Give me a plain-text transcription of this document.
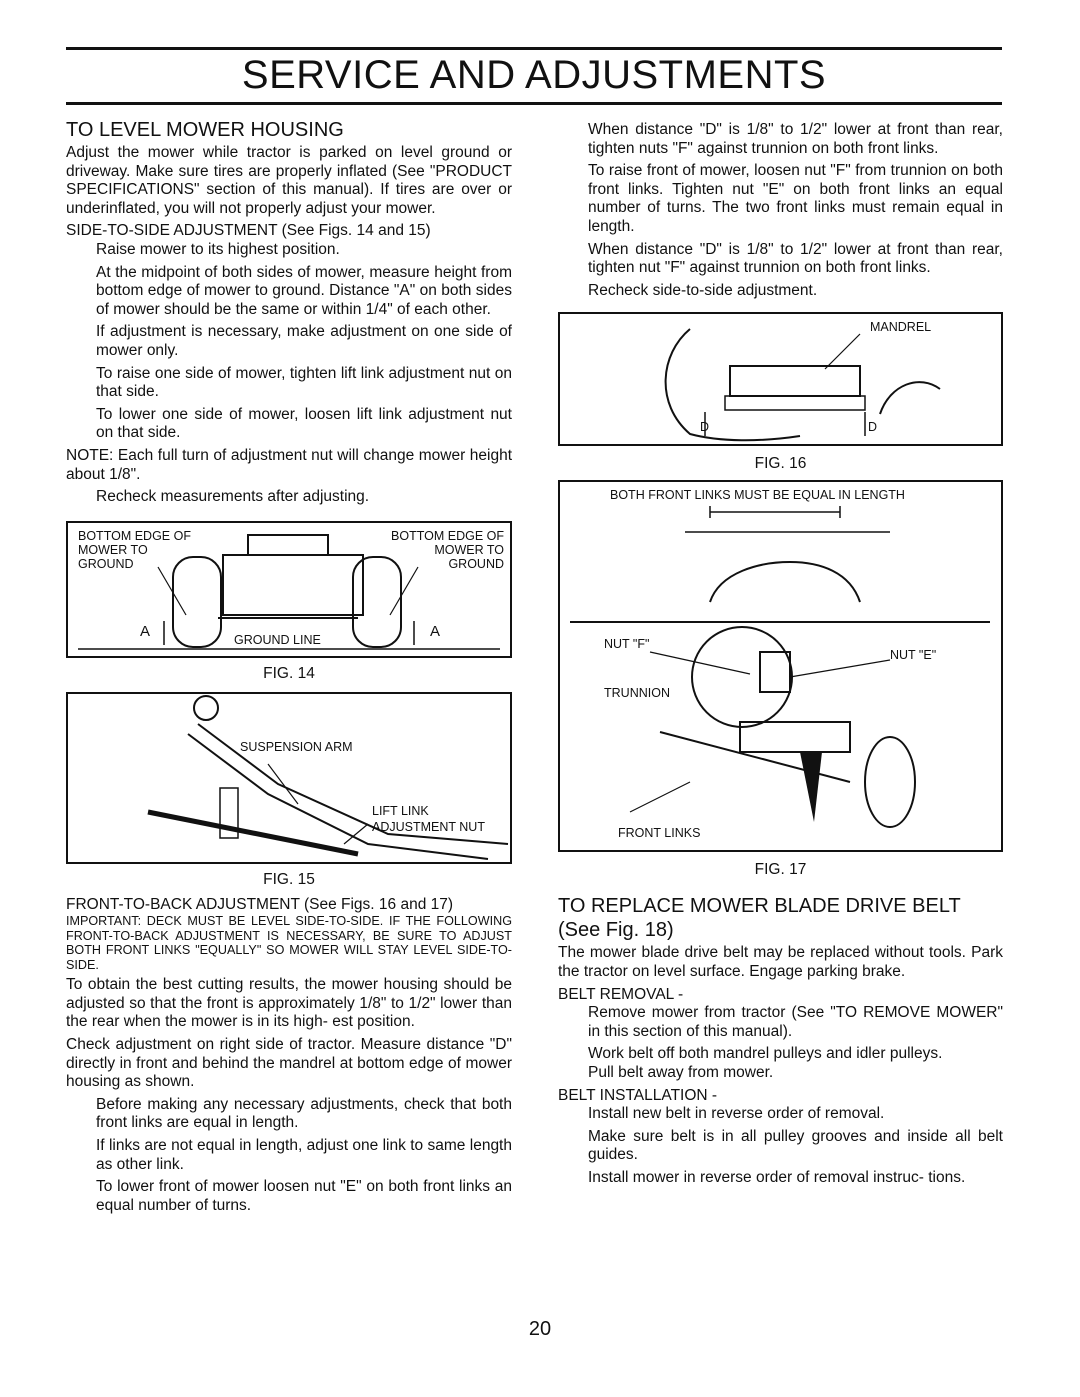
SERVICE AND ADJUSTMENTS
TO LEVEL MOWER HOUSING

Adjust the mower while tractor is parked on level ground or driveway. Make sure tires are properly inflated (See "PRODUCT SPECIFICATIONS" section of this manual). If tires are over or underinflated, you will not properly adjust your mower.

SIDE-TO-SIDE ADJUSTMENT (See Figs. 14 and 15)

Raise mower to its highest position.

At the midpoint of both sides of mower, measure height from bottom edge of mower to ground. Distance "A" on both sides of mower should be the same or within 1/4" of each other.

If adjustment is necessary, make adjustment on one side of mower only.

To raise one side of mower, tighten lift link adjustment nut on that side.

To lower one side of mower, loosen lift link adjustment nut on that side.

NOTE: Each full turn of adjustment nut will change mower height about 1/8".

Recheck measurements after adjusting.

BOTTOM EDGE OF MOWER TO GROUND
BOTTOM EDGE OF MOWER TO GROUND
A	GROUND LINE	A
FIG. 14
SUSPENSION ARM
LIFT LINK
ADJUSTMENT NUT
FIG. 15

FRONT-TO-BACK ADJUSTMENT (See Figs. 16 and 17)

IMPORTANT: DECK MUST BE LEVEL SIDE-TO-SIDE. IF THE FOLLOWING FRONT-TO-BACK ADJUSTMENT IS NECESSARY, BE SURE TO ADJUST BOTH FRONT LINKS "EQUALLY" SO MOWER WILL STAY LEVEL SIDE-TO-SIDE.

To obtain the best cutting results, the mower housing should be adjusted so that the front is approximately 1/8" to 1/2" lower than the rear when the mower is in its high- est position.

Check adjustment on right side of tractor. Measure distance "D" directly in front and behind the mandrel at bottom edge of mower housing as shown.

Before making any necessary adjustments, check that both front links are equal in length.

If links are not equal in length, adjust one link to same length as other link.

To lower front of mower loosen nut "E" on both front links an equal number of turns.

When distance "D" is 1/8" to 1/2" lower at front than rear, tighten nuts "F" against trunnion on both front links.

To raise front of mower, loosen nut "F" from trunnion on both front links. Tighten nut "E" on both front links an equal number of turns. The two front links must remain equal in length.

When distance "D" is 1/8" to 1/2" lower at front than rear, tighten nut "F" against trunnion on both front links.

Recheck side-to-side adjustment.

MANDREL
D	D
FIG. 16
BOTH FRONT LINKS MUST BE EQUAL IN LENGTH
NUT "F"
NUT "E"
TRUNNION
FRONT LINKS
FIG. 17
TO REPLACE MOWER BLADE DRIVE BELT
(See Fig. 18)

The mower blade drive belt may be replaced without tools. Park the tractor on level surface. Engage parking brake.

BELT REMOVAL -

Remove mower from tractor (See "TO REMOVE MOWER" in this section of this manual).

Work belt off both mandrel pulleys and idler pulleys.

Pull belt away from mower.

BELT INSTALLATION -

Install new belt in reverse order of removal.

Make sure belt is in all pulley grooves and inside all belt guides.

Install mower in reverse order of removal instruc- tions.

20
